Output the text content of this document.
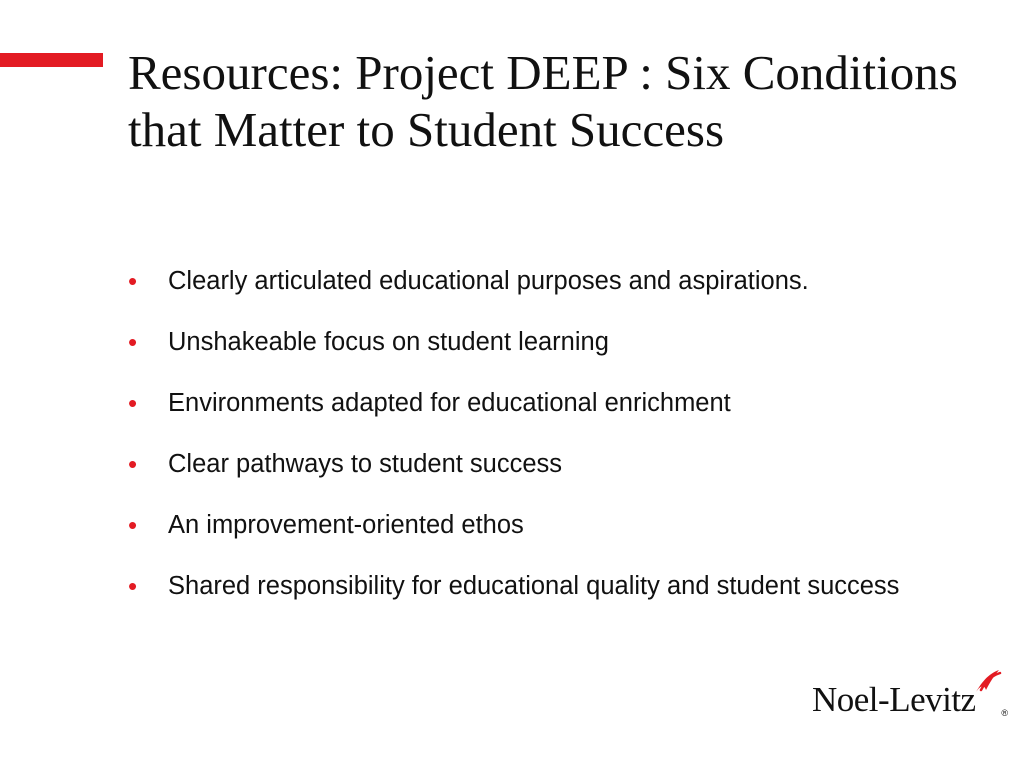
Resources: Project DEEP : Six Conditions that Matter to Student Success
• Clearly articulated educational purposes and aspirations.
• Unshakeable focus on student learning
• Environments adapted for educational enrichment
• Clear pathways to student success
• An improvement-oriented ethos
• Shared responsibility for educational quality and student success
Noel-Levitz	®
